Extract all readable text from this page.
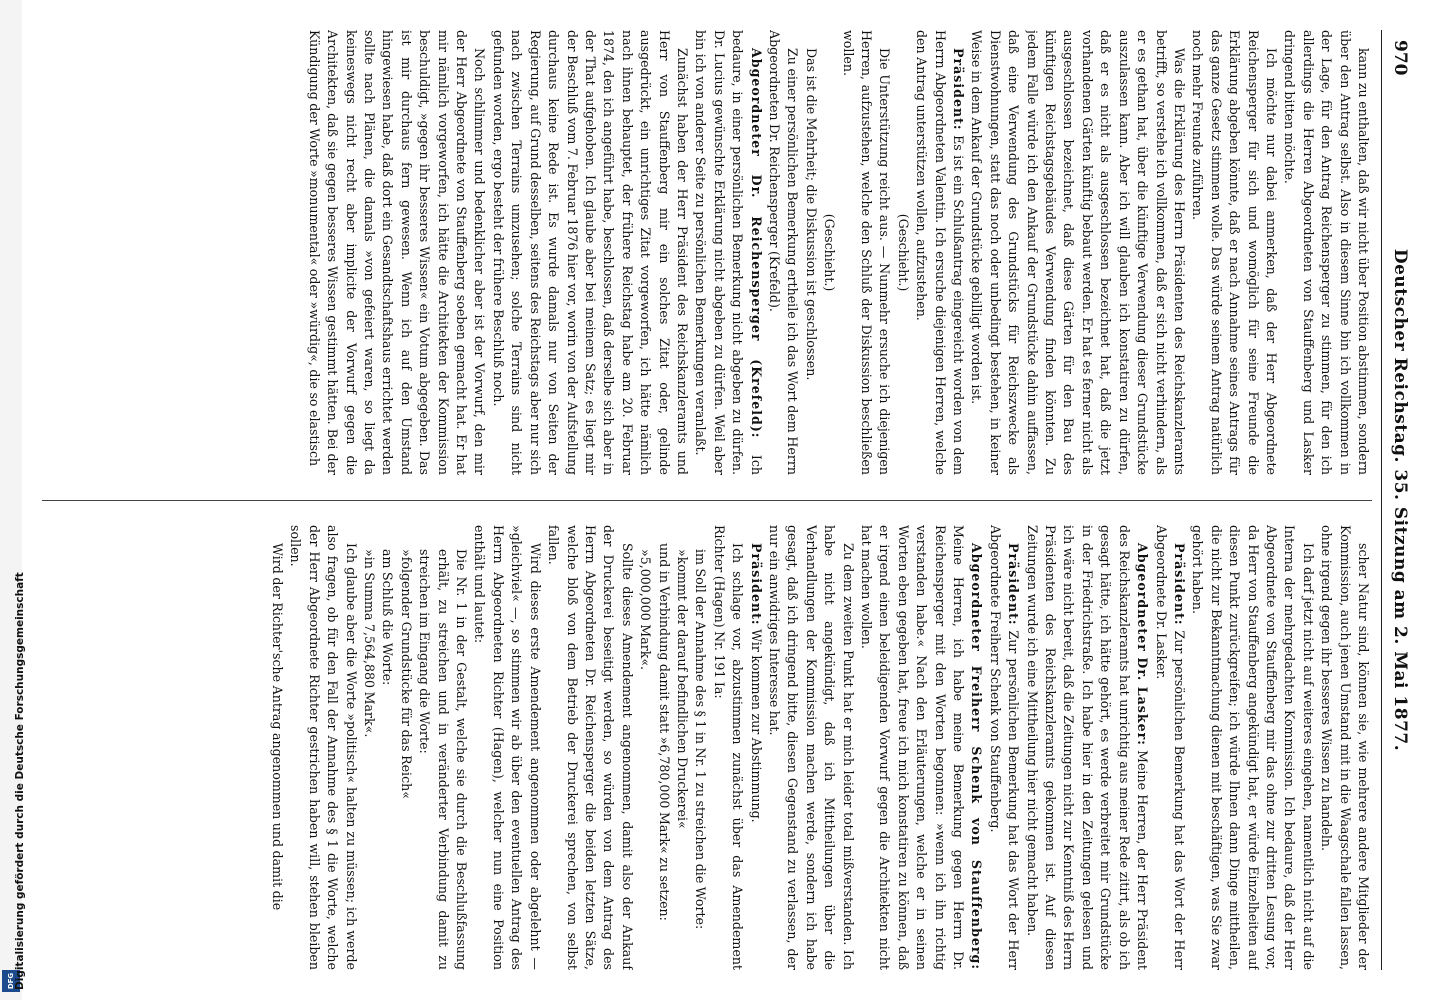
DFG Digitalisierung gefördert durch die Deutsche Forschungsgemeinschaft
970
Deutscher Reichstag. 35. Sitzung am 2. Mai 1877.

kann zu enthalten, daß wir nicht über Position abstimmen, sondern über den Antrag selbst. Also in diesem Sinne bin ich vollkommen in der Lage, für den Antrag Reichensperger zu stimmen, für den ich allerdings die Herren Abgeordneten von Stauffenberg und Lasker dringend bitten möchte.

Ich möchte nur dabei anmerken, daß der Herr Abgeordnete Reichensperger für sich und womöglich für seine Freunde die Erklärung abgeben könnte, daß er nach Annahme seines Antrags für das ganze Gesetz stimmen wolle. Das würde seinem Antrag natürlich noch mehr Freunde zuführen.

Was die Erklärung des Herrn Präsidenten des Reichskanzleramts betrifft, so verstehe ich vollkommen, daß er sich nicht verhindern, als er es gethan hat, über die künftige Verwendung dieser Grundstücke auszulassen kann. Aber ich will glauben ich konstatiren zu dürfen, daß er es nicht als ausgeschlossen bezeichnet hat, daß die jetzt vorhandenen Gärten künftig bebaut werden. Er hat es ferner nicht als ausgeschlossen bezeichnet, daß diese Gärten für den Bau des künftigen Reichstagsgebäudes Verwendung finden könnten. Zu jedem Falle würde ich den Ankauf der Grundstücke dahin auffassen, daß eine Verwendung des Grundstücks für Reichszwecke als Dienstwohnungen, statt das noch oder unbedingt bestehen, in keiner Weise in dem Ankauf der Grundstücke gebilligt worden ist.

Präsident: Es ist ein Schlußantrag eingereicht worden von dem Herrn Abgeordneten Valentin. Ich ersuche diejenigen Herren, welche den Antrag unterstützen wollen, aufzustehen.

(Geschieht.)

Die Unterstützung reicht aus. — Nunmehr ersuche ich diejenigen Herren, aufzustehen, welche den Schluß der Diskussion beschließen wollen.

(Geschieht.)

Das ist die Mehrheit; die Diskussion ist geschlossen.

Zu einer persönlichen Bemerkung ertheile ich das Wort dem Herrn Abgeordneten Dr. Reichensperger (Krefeld).

Abgeordneter Dr. Reichensperger (Krefeld): Ich bedaure, in einer persönlichen Bemerkung nicht abgeben zu dürfen. Dr. Lucius gewünschte Erklärung nicht abgeben zu dürfen. Weil aber bin ich von anderer Seite zu persönlichen Bemerkungen veranlaßt.

Zunächst haben der Herr Präsident des Reichskanzleramts und Herr von Stauffenberg mir ein solches Zitat oder, gelinde ausgedrückt, ein unrichtiges Zitat vorgeworfen, ich hätte nämlich nach ihnen behauptet, der frühere Reichstag habe am 20. Februar 1874, den ich angeführt habe, beschlossen, daß derselbe sich aber in der That aufgehoben. Ich glaube aber bei meinem Satz; es liegt mir der Beschluß vom 7. Februar 1876 hier vor, worin von der Aufstellung durchaus keine Rede ist. Es wurde damals nur von Seiten der Regierung, auf Grund desselben, seitens des Reichstags aber nur sich nach zwischen Terrains umzusehen; solche Terrains sind nicht gefunden worden, ergo besteht der frühere Beschluß noch.

Noch schlimmer und bedenklicher aber ist der Vorwurf, den mir der Herr Abgeordnete von Stauffenberg soeben gemacht hat. Er hat mir nämlich vorgeworfen, ich hätte die Architekten der Kommission beschuldigt, »gegen ihr besseres Wissen« ein Votum abgegeben. Das ist mir durchaus fern gewesen. Wenn ich auf den Umstand hingewiesen habe, daß dort ein Gesandtschaftshaus errichtet werden sollte nach Plänen, die damals »von gefeiert waren, so liegt da keineswegs nicht recht aber implicite der Vorwurf gegen die Architekten, daß sie gegen besseres Wissen gestimmt hätten. Bei der Kündigung der Worte »monumental« oder »würdig«, die so elastisch

scher Natur sind, können sie, wie mehrere andere Mitglieder der Kommission, auch jenen Umstand mit in die Waagschale fallen lassen, ohne irgend gegen ihr besseres Wissen zu handeln.

Ich darf jetzt nicht auf weiteres eingehen, namentlich nicht auf die Interna der mehrgedachten Kommission. Ich bedaure, daß der Herr Abgeordnete von Stauffenberg mir das ohne zur dritten Lesung vor, da Herr von Stauffenberg angekündigt hat, er würde Einzelheiten auf diesen Punkt zurückgreifen; ich würde Ihnen dann Dinge mittheilen, die nicht zur Bekanntmachung dienen mit beschäftigen, was Sie zwar gehört haben.

Präsident: Zur persönlichen Bemerkung hat das Wort der Herr Abgeordnete Dr. Lasker.

Abgeordneter Dr. Lasker: Meine Herren, der Herr Präsident des Reichskanzleramts hat unrichtig aus meiner Rede zitirt, als ob ich gesagt hätte, ich hätte gehört, es werde verbreitet mir Grundstücke in der Friedrichstraße. Ich habe hier in den Zeitungen gelesen und ich wäre nicht bereit, daß die Zeitungen nicht zur Kenntniß des Herrn Präsidenten des Reichskanzleramts gekommen ist. Auf diesen Zeitungen wurde ich eine Mittheilung hier nicht gemacht haben.

Präsident: Zur persönlichen Bemerkung hat das Wort der Herr Abgeordnete Freiherr Schenk von Stauffenberg.

Abgeordneter Freiherr Schenk von Stauffenberg: Meine Herren, ich habe meine Bemerkung gegen Herrn Dr. Reichensperger mit den Worten begonnen: »wenn ich ihn richtig verstanden habe.« Nach den Erläuterungen, welche er in seinen Worten eben gegeben hat, freue ich mich konstatiren zu können, daß er irgend einen beleidigenden Vorwurf gegen die Architekten nicht hat machen wollen.

Zu dem zweiten Punkt hat er mich leider total mißverstanden. Ich habe nicht angekündigt, daß ich Mittheilungen über die Verhandlungen der Kommission machen werde, sondern ich habe gesagt, daß ich dringend bitte, diesen Gegenstand zu verlassen, der nur ein anwidriges Interesse hat.

Präsident: Wir kommen zur Abstimmung.

Ich schlage vor, abzustimmen zunächst über das Amendement Richter (Hagen) Nr. 191 Ia:

im Soll der Annahme des § 1 in Nr. 1 zu streichen die Worte:

»kommt der darauf befindlichen Druckerei«

und in Verbindung damit statt »6,780,000 Mark« zu setzen:

»5,000,000 Mark«.

Sollte dieses Amendement angenommen, damit also der Ankauf der Druckerei beseitigt werden, so würden von dem Antrag des Herrn Abgeordneten Dr. Reichensperger die beiden letzten Sätze, welche bloß von dem Betrieb der Druckerei sprechen, von selbst fallen.

Wird dieses erste Amendement angenommen oder abgelehnt — »gleichviel« —, so stimmen wir ab über den eventuellen Antrag des Herrn Abgeordneten Richter (Hagen), welcher nun eine Position enthält und lautet:

Die Nr. 1 in der Gestalt, welche sie durch die Beschlußfassung erhält, zu streichen und in veränderter Verbindung damit zu streichen im Eingang die Worte:

»folgender Grundstücke für das Reich«

am Schluß die Worte:

»in Summa 7,564,880 Mark«.

Ich glaube aber die Worte »politisch« halten zu müssen; ich werde also fragen, ob für den Fall der Annahme des § 1 die Worte, welche der Herr Abgeordnete Richter gestrichen haben will, stehen bleiben sollen.

Wird der Richter'sche Antrag angenommen und damit die
